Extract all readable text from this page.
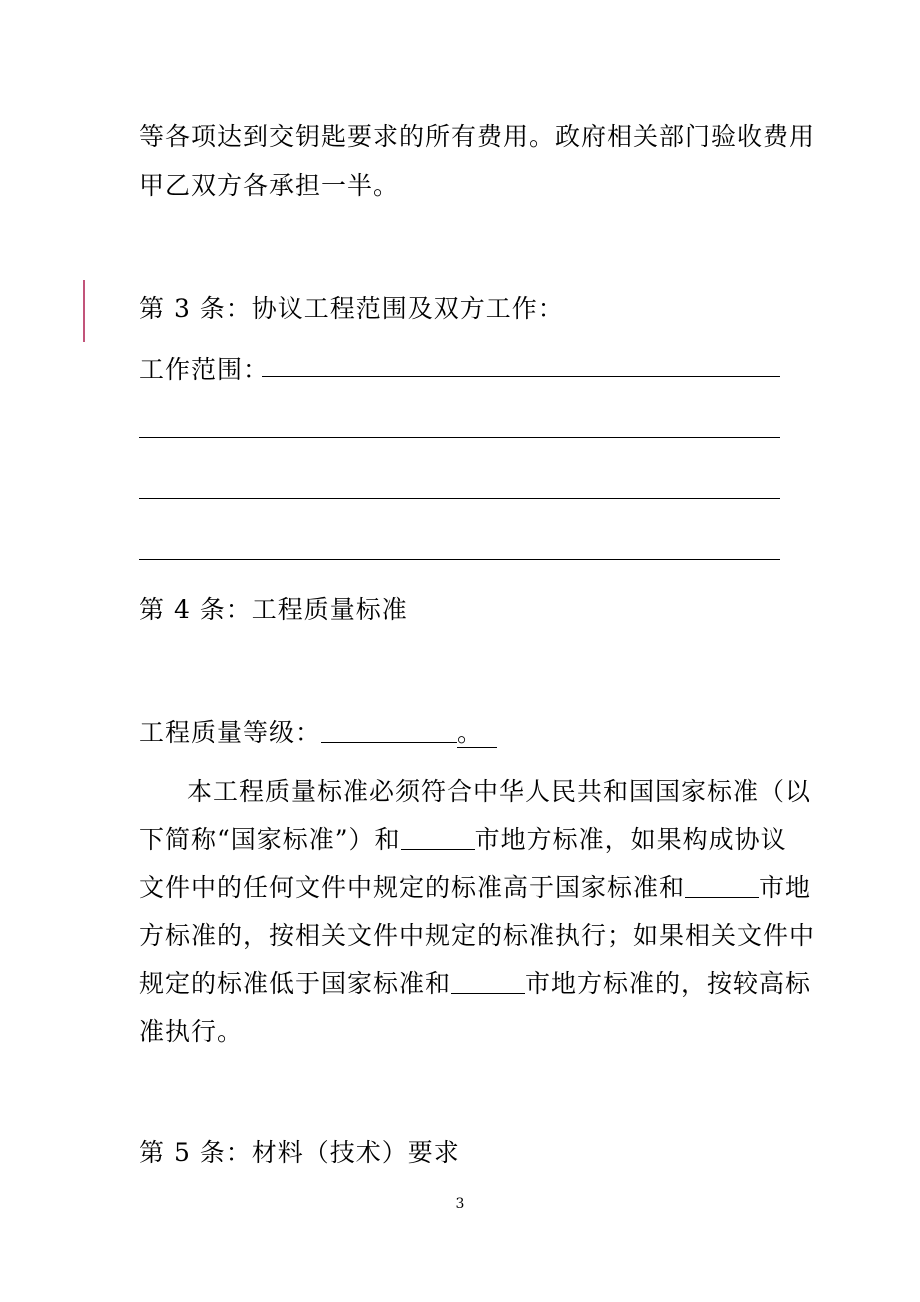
等各项达到交钥匙要求的所有费用。政府相关部门验收费用

甲乙双方各承担一半。

第 3 条：协议工程范围及双方工作：

工作范围：

第 4 条：工程质量标准

工程质量等级：	。

本工程质量标准必须符合中华人民共和国国家标准（以

下简称“国家标准”）和	市地方标准，如果构成协议

文件中的任何文件中规定的标准高于国家标准和	市地

方标准的，按相关文件中规定的标准执行；如果相关文件中

规定的标准低于国家标准和	市地方标准的，按较高标

准执行。

第 5 条：材料（技术）要求

3
